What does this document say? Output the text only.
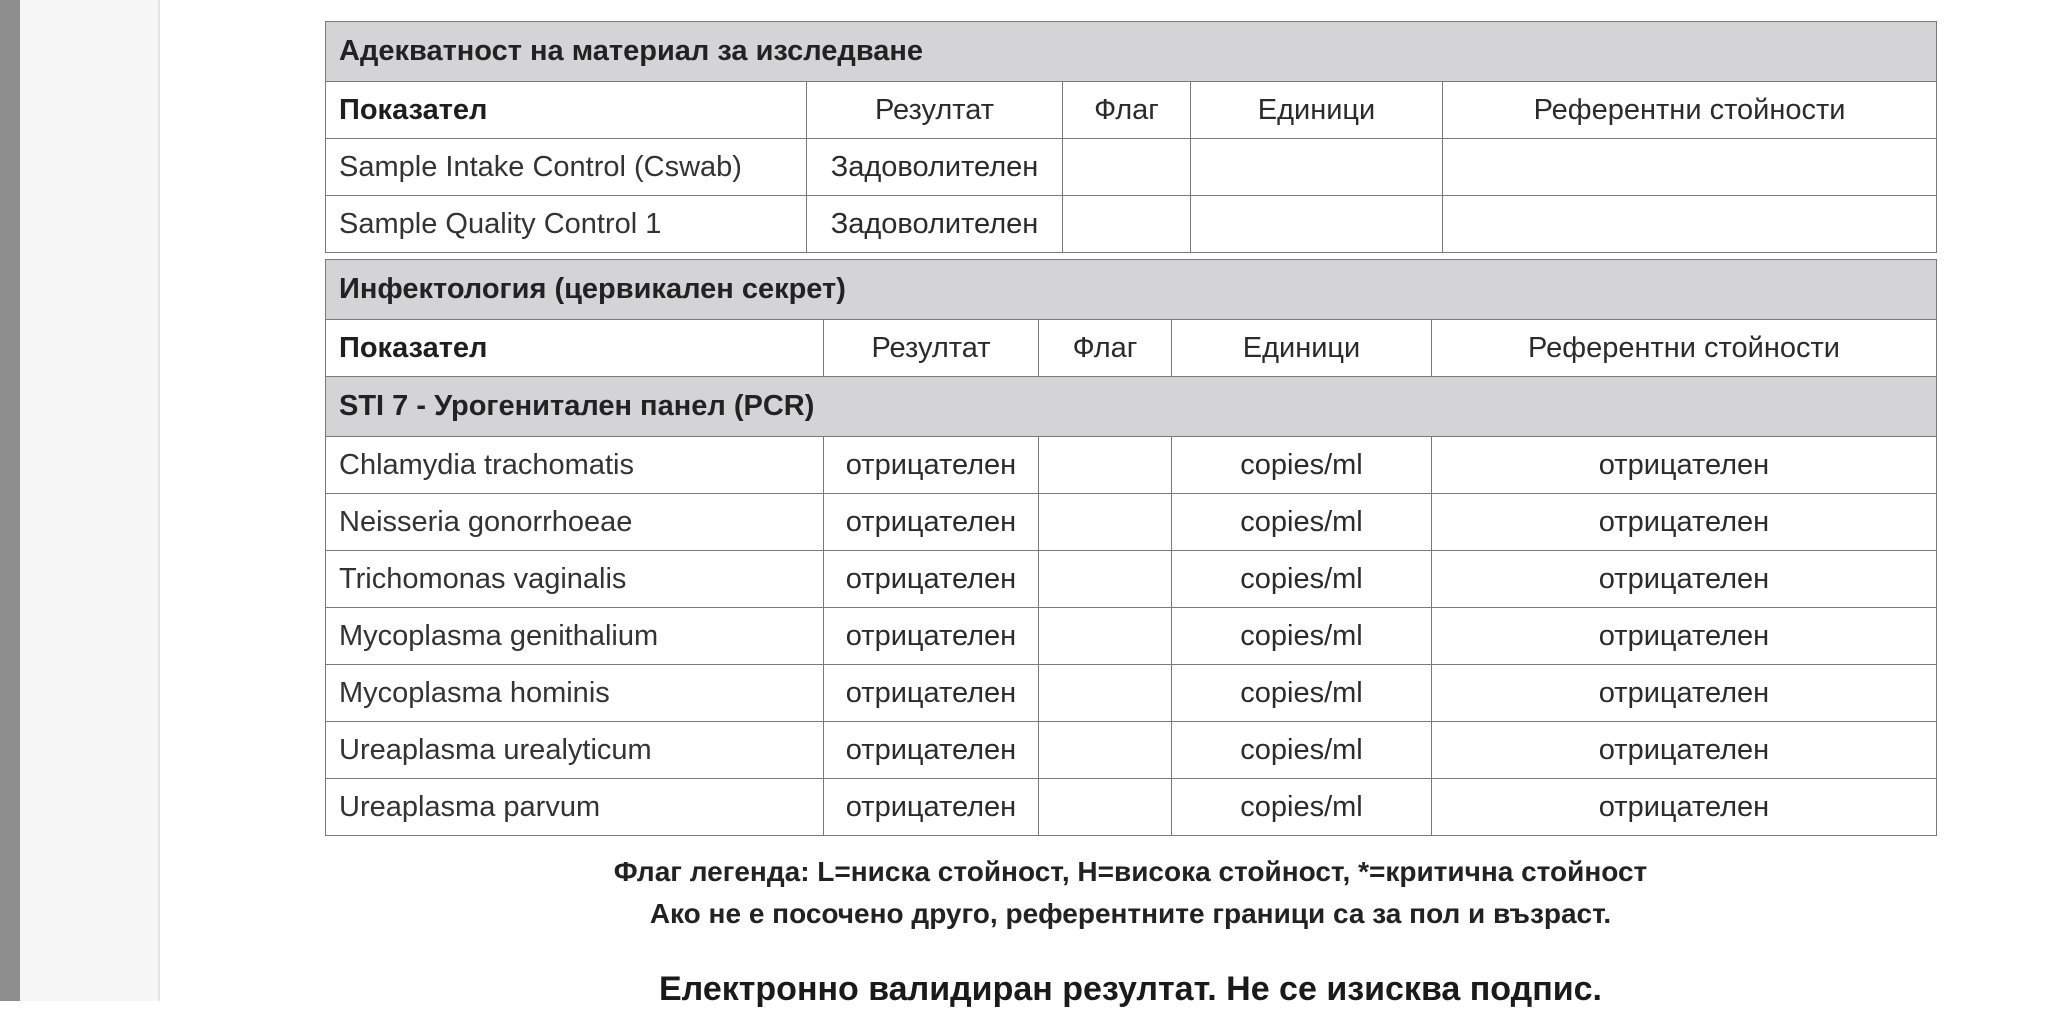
Адекватност на материал за изследване				
Показател	Резултат	Флаг	Единици	Референтни стойности
Sample Intake Control (Cswab)	Задоволителен			
Sample Quality Control 1	Задоволителен			
Инфектология (цервикален секрет)				
Показател	Резултат	Флаг	Единици	Референтни стойности
STI 7 - Урогенитален панел (PCR)				
Chlamydia trachomatis	отрицателен		copies/ml	отрицателен
Neisseria gonorrhoeae	отрицателен		copies/ml	отрицателен
Trichomonas vaginalis	отрицателен		copies/ml	отрицателен
Mycoplasma genithalium	отрицателен		copies/ml	отрицателен
Mycoplasma hominis	отрицателен		copies/ml	отрицателен
Ureaplasma urealyticum	отрицателен		copies/ml	отрицателен
Ureaplasma parvum	отрицателен		copies/ml	отрицателен
Флаг легенда: L=ниска стойност, H=висока стойност, *=критична стойност
Ако не е посочено друго, референтните граници са за пол и възраст.
Електронно валидиран резултат. Не се изисква подпис.
